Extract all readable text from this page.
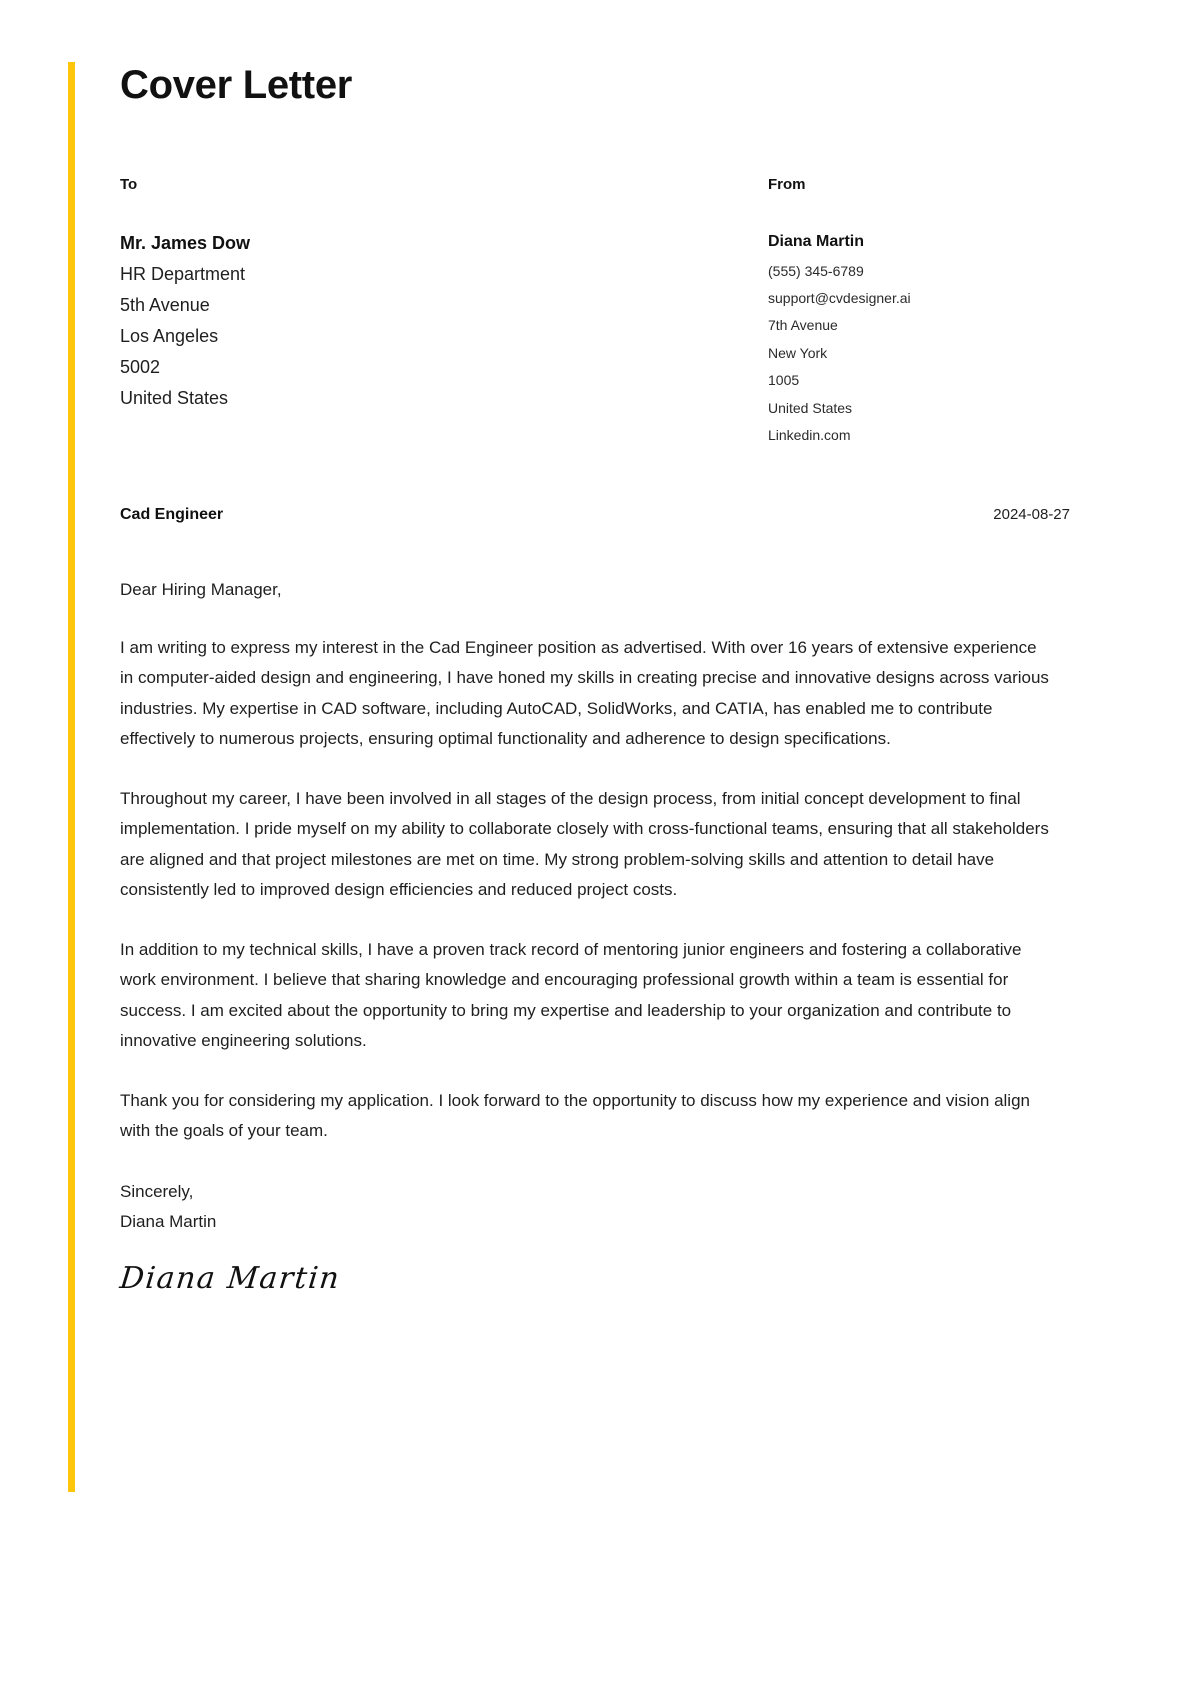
Cover Letter
To
Mr. James Dow
HR Department
5th Avenue
Los Angeles
5002
United States
From
Diana Martin
(555) 345-6789
support@cvdesigner.ai
7th Avenue
New York
1005
United States
Linkedin.com
Cad Engineer	2024-08-27
Dear Hiring Manager,

I am writing to express my interest in the Cad Engineer position as advertised. With over 16 years of extensive experience in computer-aided design and engineering, I have honed my skills in creating precise and innovative designs across various industries. My expertise in CAD software, including AutoCAD, SolidWorks, and CATIA, has enabled me to contribute effectively to numerous projects, ensuring optimal functionality and adherence to design specifications.

Throughout my career, I have been involved in all stages of the design process, from initial concept development to final implementation. I pride myself on my ability to collaborate closely with cross-functional teams, ensuring that all stakeholders are aligned and that project milestones are met on time. My strong problem-solving skills and attention to detail have consistently led to improved design efficiencies and reduced project costs.

In addition to my technical skills, I have a proven track record of mentoring junior engineers and fostering a collaborative work environment. I believe that sharing knowledge and encouraging professional growth within a team is essential for success. I am excited about the opportunity to bring my expertise and leadership to your organization and contribute to innovative engineering solutions.

Thank you for considering my application. I look forward to the opportunity to discuss how my experience and vision align with the goals of your team.

Sincerely,
Diana Martin
Diana Martin
